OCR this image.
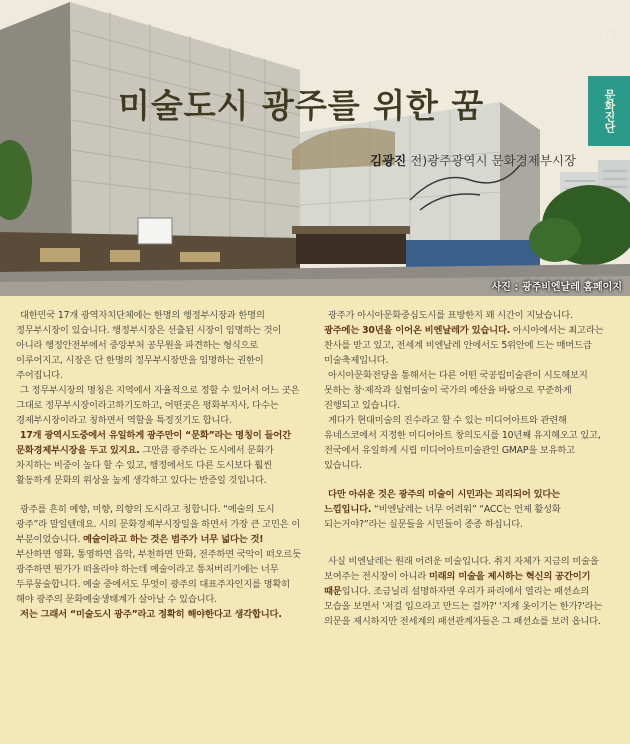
미술도시 광주를 위한 꿈
김광진 전)광주광역시 문화경제부시장
사진 : 광주비엔날레 홈페이지
20 21
문화진단

대한민국 17개 광역자치단체에는 한명의 행정부시장과 한명의 정무부시장이 있습니다. 행정부시장은 선출된 시장이 임명하는 것이 아니라 행정안전부에서 중앙부처 공무원을 파견하는 형식으로 이루어지고, 시장은 단 한명의 정무부시장만을 임명하는 권한이 주어집니다.

그 정무부시장의 명칭은 지역에서 자율적으로 정할 수 있어서 어느 곳은 그대로 정무부시장이라고하기도하고, 어떤곳은 평화부지사, 다수는 경제부시장이라고 칭하면서 역할을 특정짓기도 합니다.

17개 광역시도중에서 유일하게 광주만이 “문화”라는 명칭이 들어간 문화경제부시장을 두고 있지요. 그만큼 광주라는 도시에서 문화가 차지하는 비중이 높다 할 수 있고, 행정에서도 다른 도시보다 훨씬 활동하게 문화의 위상을 높게 생각하고 있다는 반증일 것입니다.

광주를 흔히 예향, 미향, 의향의 도시라고 칭합니다. “예술의 도시 광주”라 말일텐데요. 시의 문화경제부시장일을 하면서 가장 큰 고민은 이 부분이었습니다. 예술이라고 하는 것은 범주가 너무 넓다는 것! 부산하면 영화, 통영하면 음악, 부천하면 만화, 전주하면 국악이 떠오르듯 광주하면 뭔가가 떠올라야 하는데 예술이라고 통처버리기에는 너무 두루뭉술합니다. 예술 중에서도 무엇이 광주의 대표주자인지를 명확히 해야 광주의 문화예술생태계가 살아날 수 있습니다.

저는 그래서 “미술도시 광주”라고 정확히 해야한다고 생각합니다.

광주가 아시아문화중심도시를 표방한지 꽤 시간이 지났습니다. 광주에는 30년을 이어온 비엔날레가 있습니다. 아시아에서는 최고라는 찬사를 받고 있고, 전세계 비엔날레 안에서도 5위안에 드는 매머드급 미술축제입니다.

아시아문화전당을 통해서는 다른 어떤 국공립미술관이 시도해보지 못하는 창·제작과 실험미술이 국가의 예산을 바탕으로 꾸준하게 진행되고 있습니다.

게다가 현대미술의 진수라고 할 수 있는 미디어아트와 관련해 유네스코에서 지정한 미디어아트 창의도시를 10년째 유지해오고 있고, 전국에서 유일하게 시립 미디어아트미술관인 GMAP을 보유하고 있습니다.

다만 아쉬운 것은 광주의 미술이 시민과는 괴리되어 있다는 느낌입니다. “비엔날레는 너무 어려워” “ACC는 언제 활성화 되는거야?”라는 실문들을 시민들이 종종 하십니다.

사실 비엔날레는 원래 어려운 미술입니다. 취지 자체가 지금의 미술을 보여주는 전시장이 아니라 미래의 미술을 제시하는 혁신의 공간이기 때문입니다. 조금닐리 설명하자면 우리가 파리에서 열리는 패션쇼의 모습을 보면서 '저걸 입으라고 만드는 걸까?' '지게 옷이기는 한가?'라는 의문을 제시하지만 전세계의 패션관계자들은 그 패션쇼를 보러 옵니다.
